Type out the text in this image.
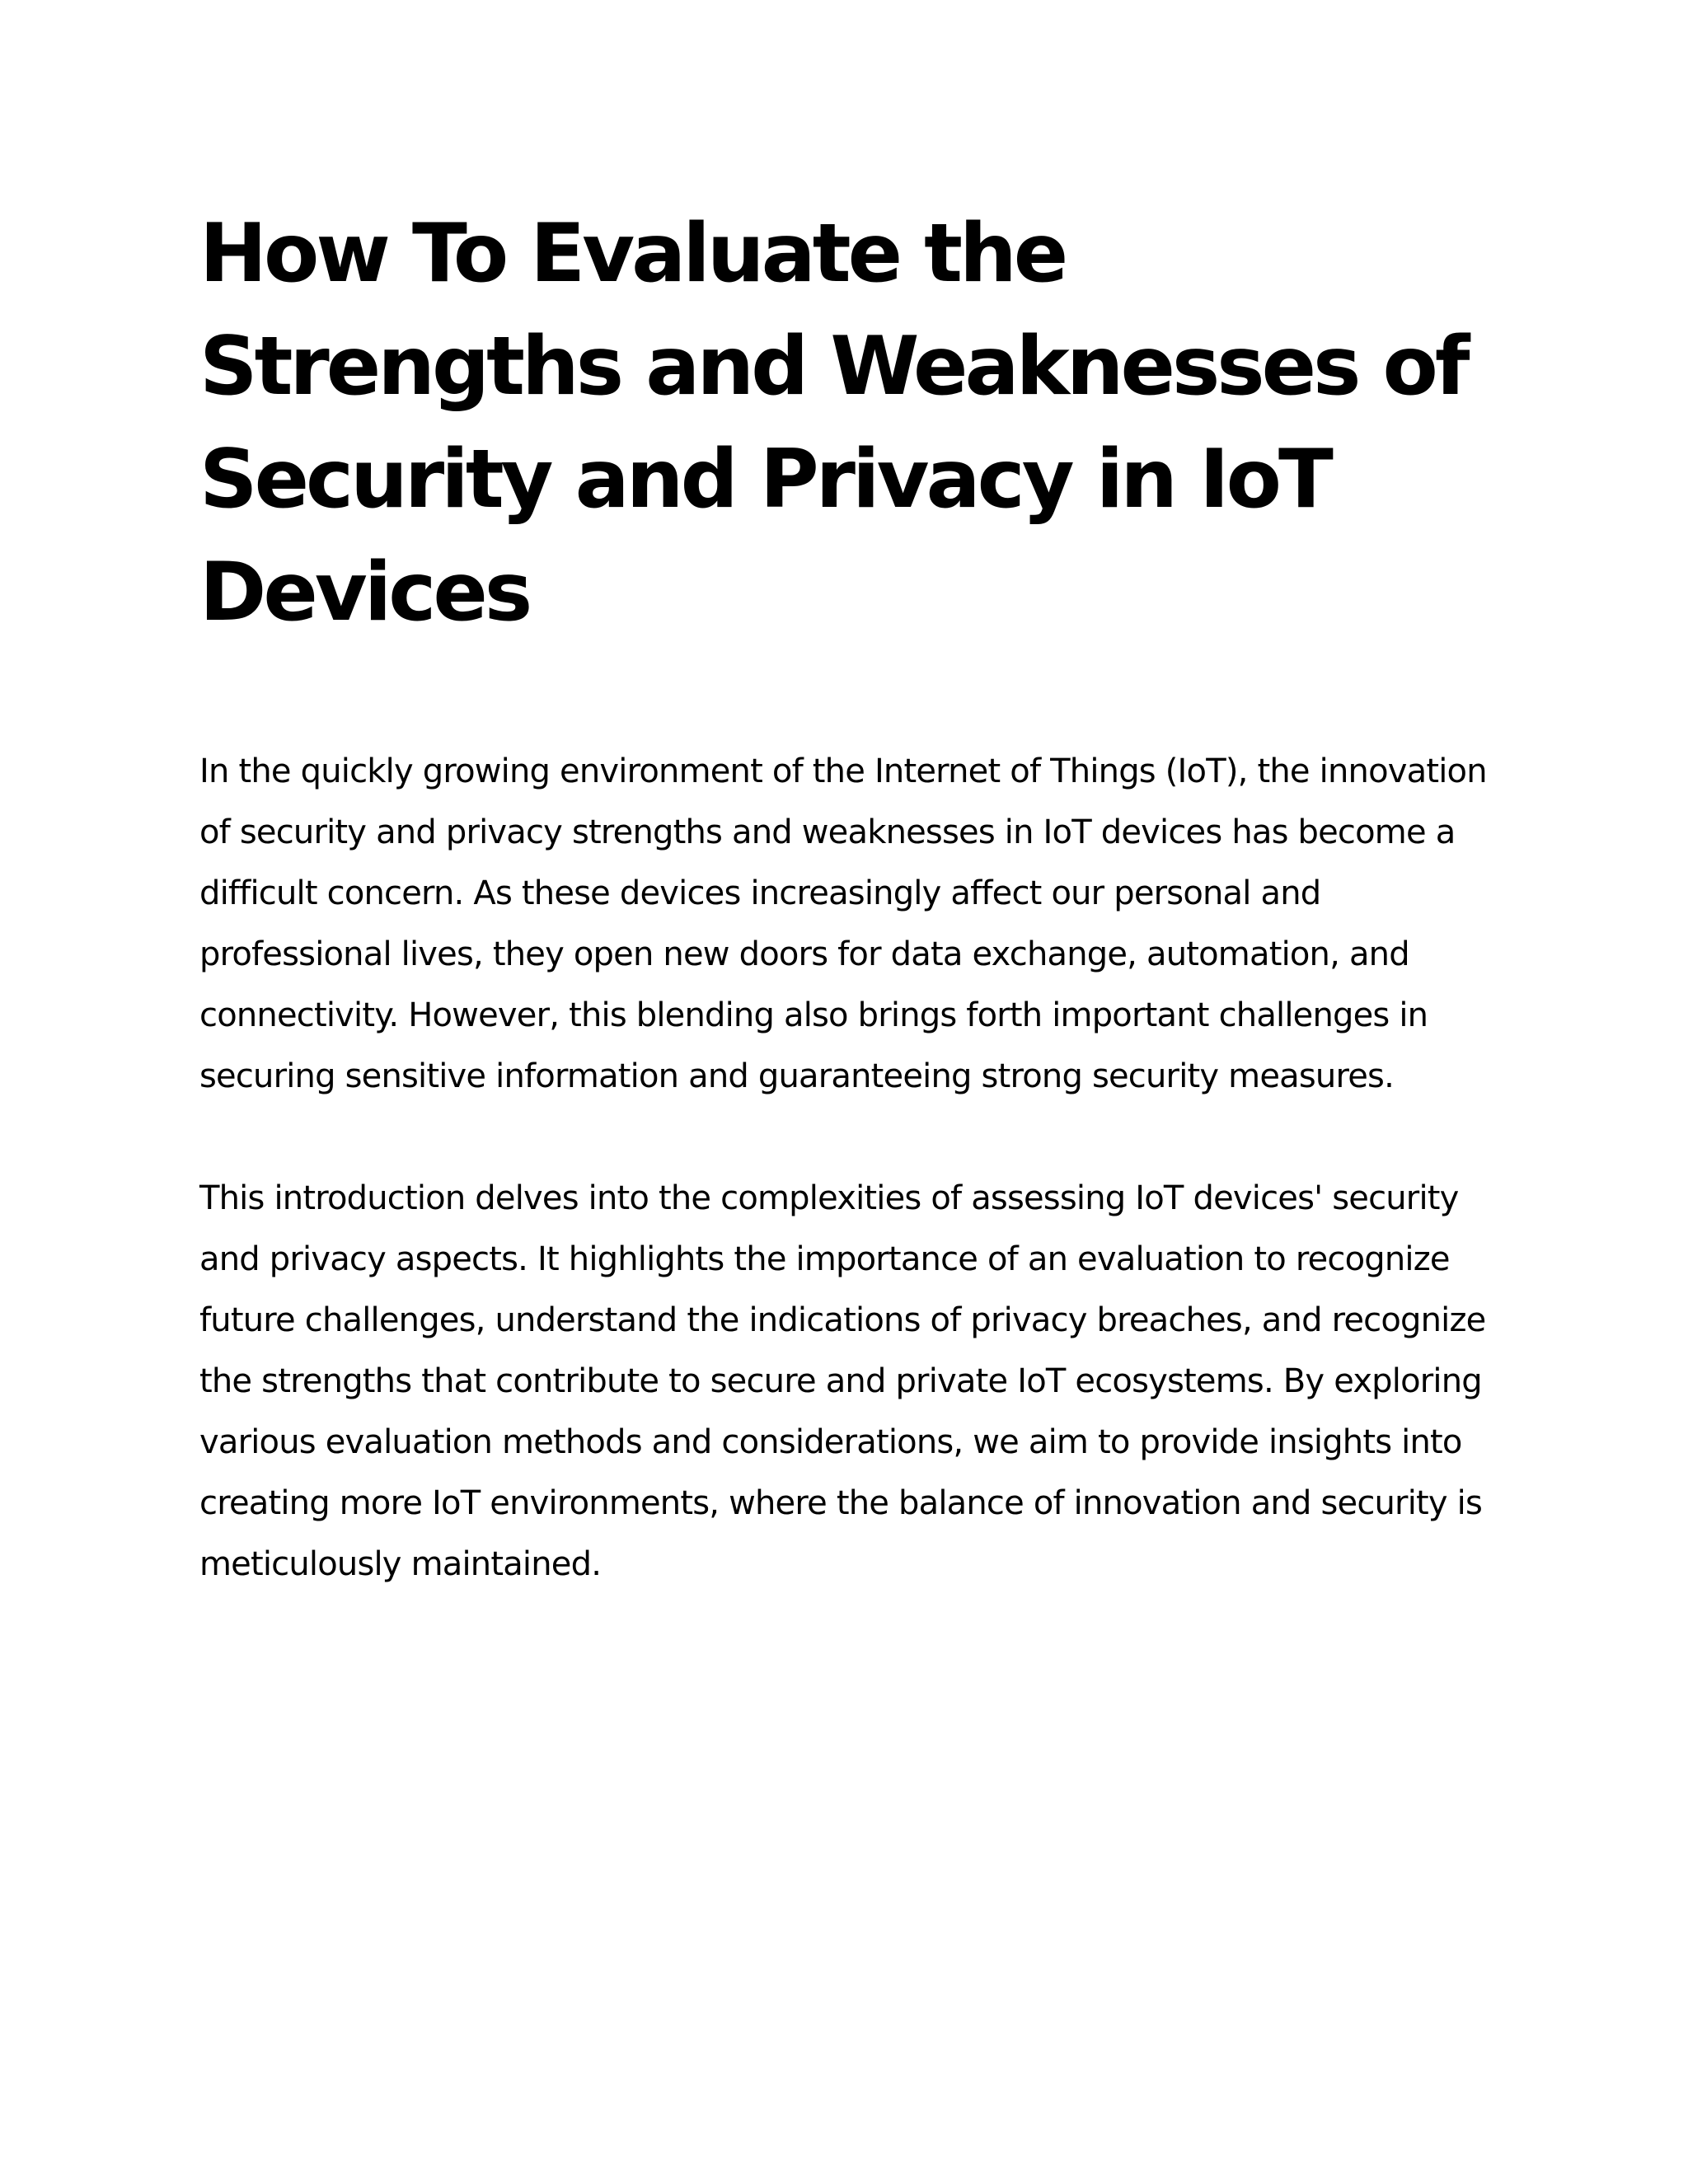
How To Evaluate the Strengths and Weaknesses of Security and Privacy in IoT Devices

In the quickly growing environment of the Internet of Things (IoT), the innovation of security and privacy strengths and weaknesses in IoT devices has become a difficult concern. As these devices increasingly affect our personal and professional lives, they open new doors for data exchange, automation, and connectivity. However, this blending also brings forth important challenges in securing sensitive information and guaranteeing strong security measures.

This introduction delves into the complexities of assessing IoT devices' security and privacy aspects. It highlights the importance of an evaluation to recognize future challenges, understand the indications of privacy breaches, and recognize the strengths that contribute to secure and private IoT ecosystems. By exploring various evaluation methods and considerations, we aim to provide insights into creating more IoT environments, where the balance of innovation and security is meticulously maintained.
